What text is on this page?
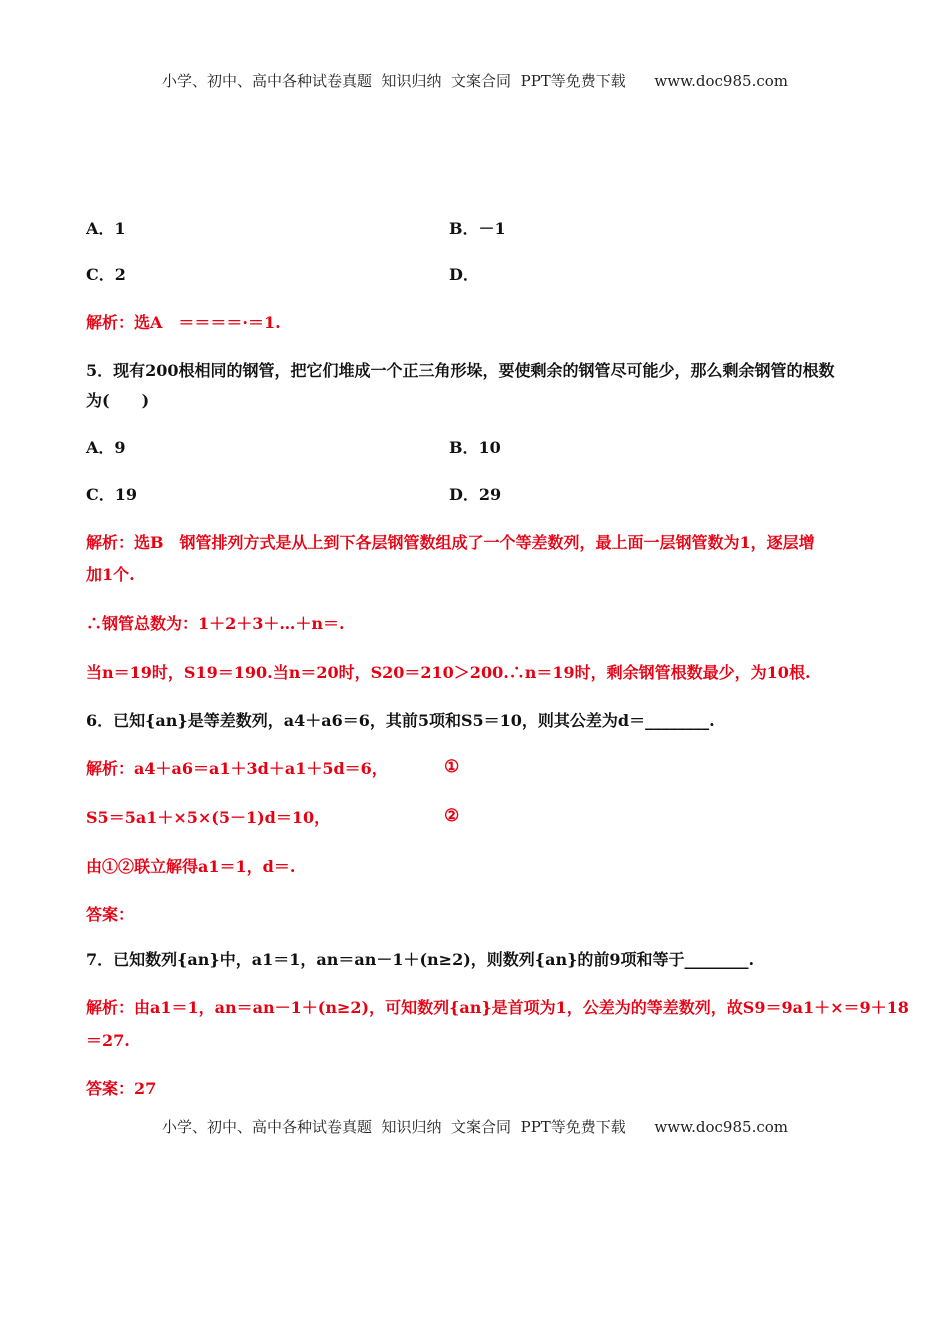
小学、初中、高中各种试卷真题  知识归纳  文案合同  PPT等免费下载      www.doc985.com
A．1	B．－1
C．2	D．
解析：选A　＝＝＝＝·＝1.
5．现有200根相同的钢管，把它们堆成一个正三角形垛，要使剩余的钢管尽可能少，那么剩余钢管的根数
为(　　)
A．9	B．10
C．19	D．29
解析：选B　钢管排列方式是从上到下各层钢管数组成了一个等差数列，最上面一层钢管数为1，逐层增
加1个.
∴钢管总数为：1＋2＋3＋…＋n＝.
当n＝19时，S19＝190.当n＝20时，S20＝210＞200.∴n＝19时，剩余钢管根数最少，为10根.
6．已知{an}是等差数列，a4＋a6＝6，其前5项和S5＝10，则其公差为d＝________.
解析：a4＋a6＝a1＋3d＋a1＋5d＝6，	①
S5＝5a1＋×5×(5－1)d＝10，	②
由①②联立解得a1＝1，d＝.
答案：
7．已知数列{an}中，a1＝1，an＝an－1＋(n≥2)，则数列{an}的前9项和等于________.
解析：由a1＝1，an＝an－1＋(n≥2)，可知数列{an}是首项为1，公差为的等差数列，故S9＝9a1＋×＝9＋18
＝27.
答案：27
小学、初中、高中各种试卷真题  知识归纳  文案合同  PPT等免费下载      www.doc985.com
